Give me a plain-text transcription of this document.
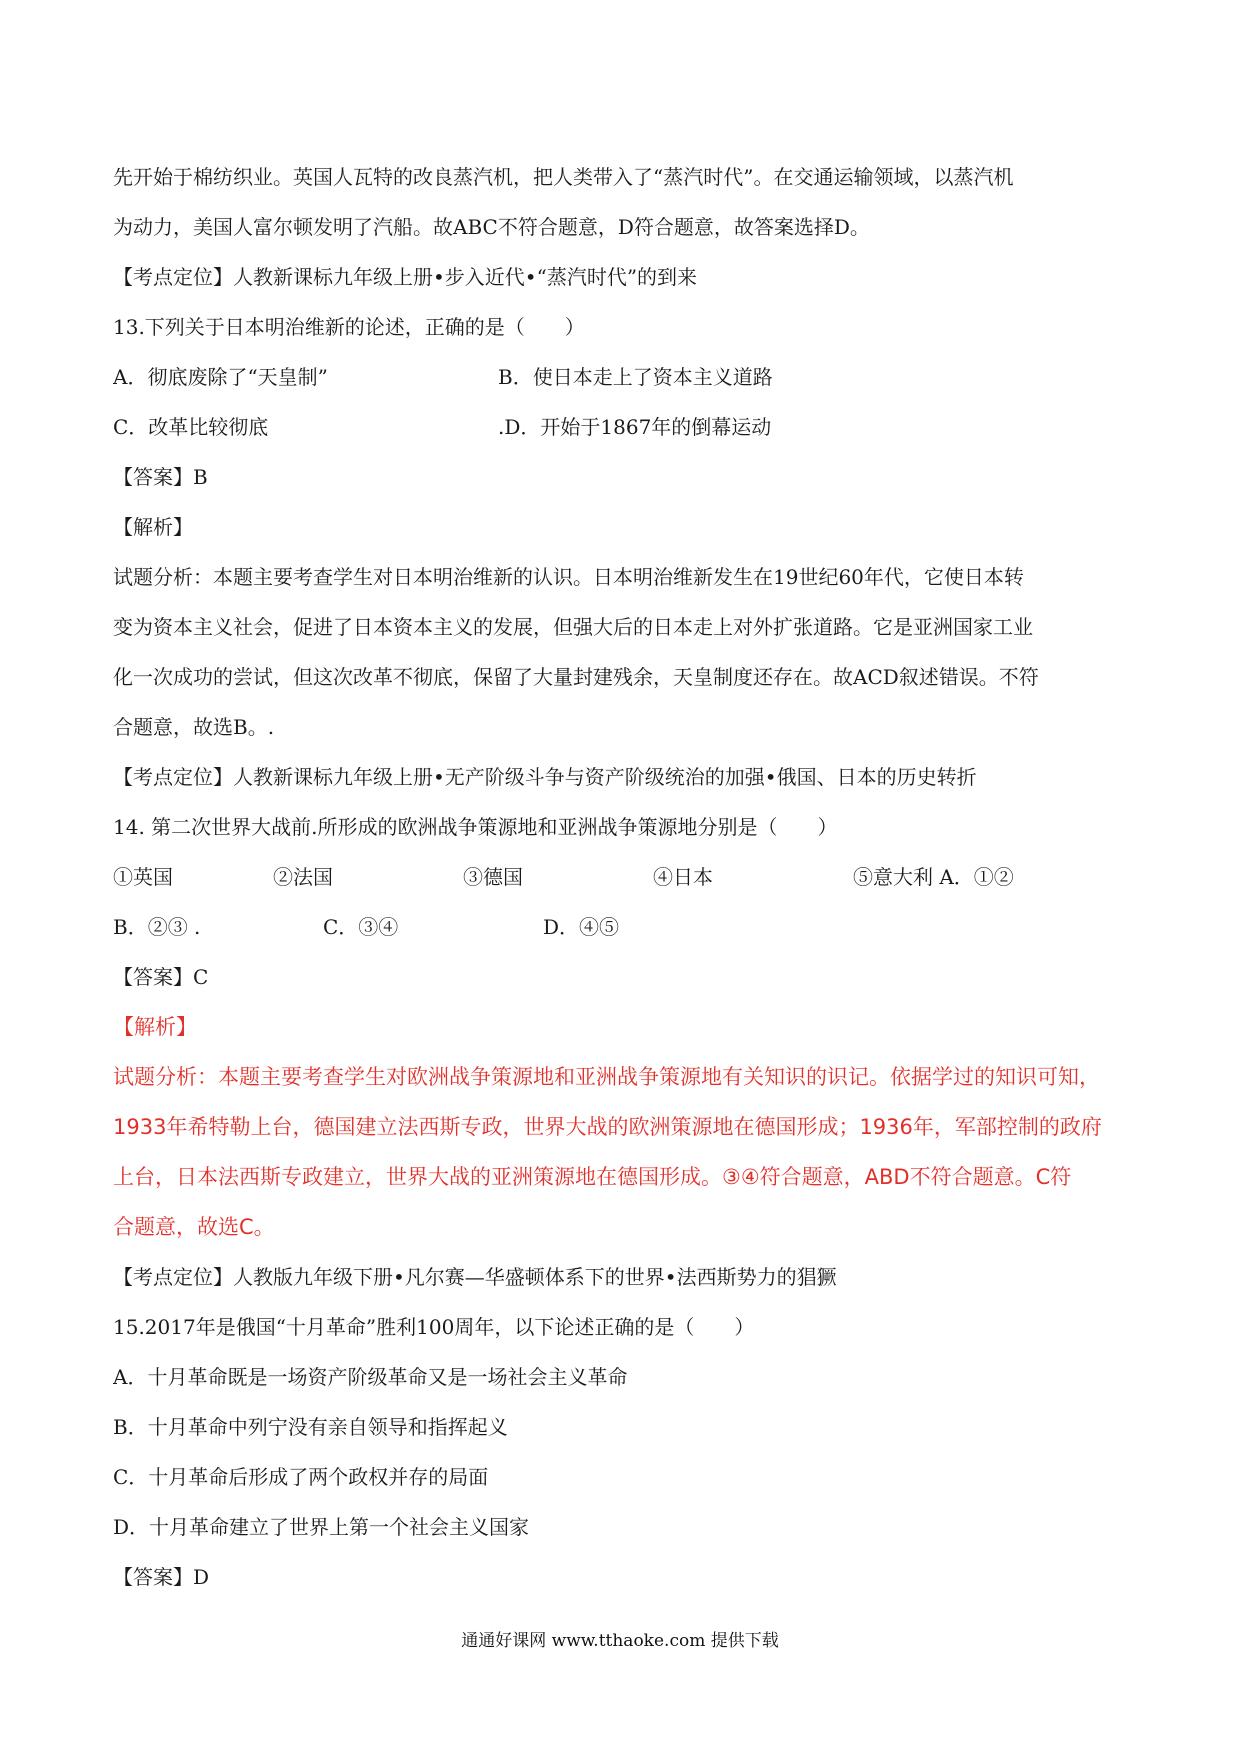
先开始于棉纺织业。英国人瓦特的改良蒸汽机，把人类带入了“蒸汽时代”。在交通运输领域，以蒸汽机
为动力，美国人富尔顿发明了汽船。故ABC不符合题意，D符合题意，故答案选择D。
【考点定位】人教新课标九年级上册•步入近代•“蒸汽时代”的到来
13.下列关于日本明治维新的论述，正确的是（　　）
A．彻底废除了“天皇制”	B．使日本走上了资本主义道路
C．改革比较彻底	.D．开始于1867年的倒幕运动
【答案】B
【解析】
试题分析：本题主要考查学生对日本明治维新的认识。日本明治维新发生在19世纪60年代，它使日本转
变为资本主义社会，促进了日本资本主义的发展，但强大后的日本走上对外扩张道路。它是亚洲国家工业
化一次成功的尝试，但这次改革不彻底，保留了大量封建残余，天皇制度还存在。故ACD叙述错误。不符
合题意，故选B。.
【考点定位】人教新课标九年级上册•无产阶级斗争与资产阶级统治的加强•俄国、日本的历史转折
14. 第二次世界大战前.所形成的欧洲战争策源地和亚洲战争策源地分别是（　　）
①英国	②法国	③德国	④日本	⑤意大利 A．①②
B．②③ .	C．③④	D．④⑤
【答案】C
【解析】
试题分析：本题主要考查学生对欧洲战争策源地和亚洲战争策源地有关知识的识记。依据学过的知识可知，
1933年希特勒上台，德国建立法西斯专政，世界大战的欧洲策源地在德国形成；1936年，军部控制的政府
上台，日本法西斯专政建立，世界大战的亚洲策源地在德国形成。③④符合题意，ABD不符合题意。C符
合题意，故选C。
【考点定位】人教版九年级下册•凡尔赛—华盛顿体系下的世界•法西斯势力的猖獗
15.2017年是俄国“十月革命”胜利100周年，以下论述正确的是（　　）
A．十月革命既是一场资产阶级革命又是一场社会主义革命
B．十月革命中列宁没有亲自领导和指挥起义
C．十月革命后形成了两个政权并存的局面
D．十月革命建立了世界上第一个社会主义国家
【答案】D
通通好课网 www.tthaoke.com 提供下载
